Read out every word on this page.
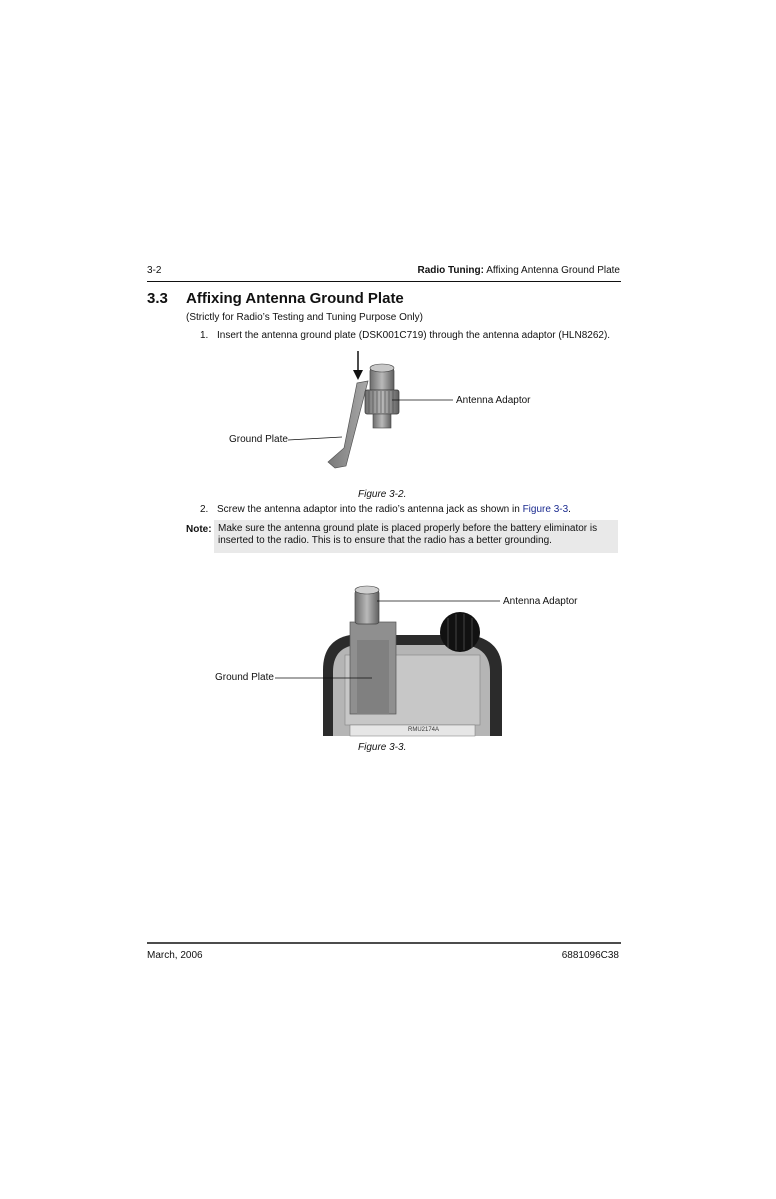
3-2	Radio Tuning: Affixing Antenna Ground Plate
3.3 Affixing Antenna Ground Plate
(Strictly for Radio’s Testing and Tuning Purpose Only)
1. Insert the antenna ground plate (DSK001C719) through the antenna adaptor (HLN8262).
Antenna Adaptor
Ground Plate
Figure 3-2.
2. Screw the antenna adaptor into the radio’s antenna jack as shown in Figure 3-3.
Note: Make sure the antenna ground plate is placed properly before the battery eliminator is
inserted to the radio. This is to ensure that the radio has a better grounding.
Antenna Adaptor
Ground Plate
RMU2174A
Figure 3-3.
March, 2006	6881096C38
